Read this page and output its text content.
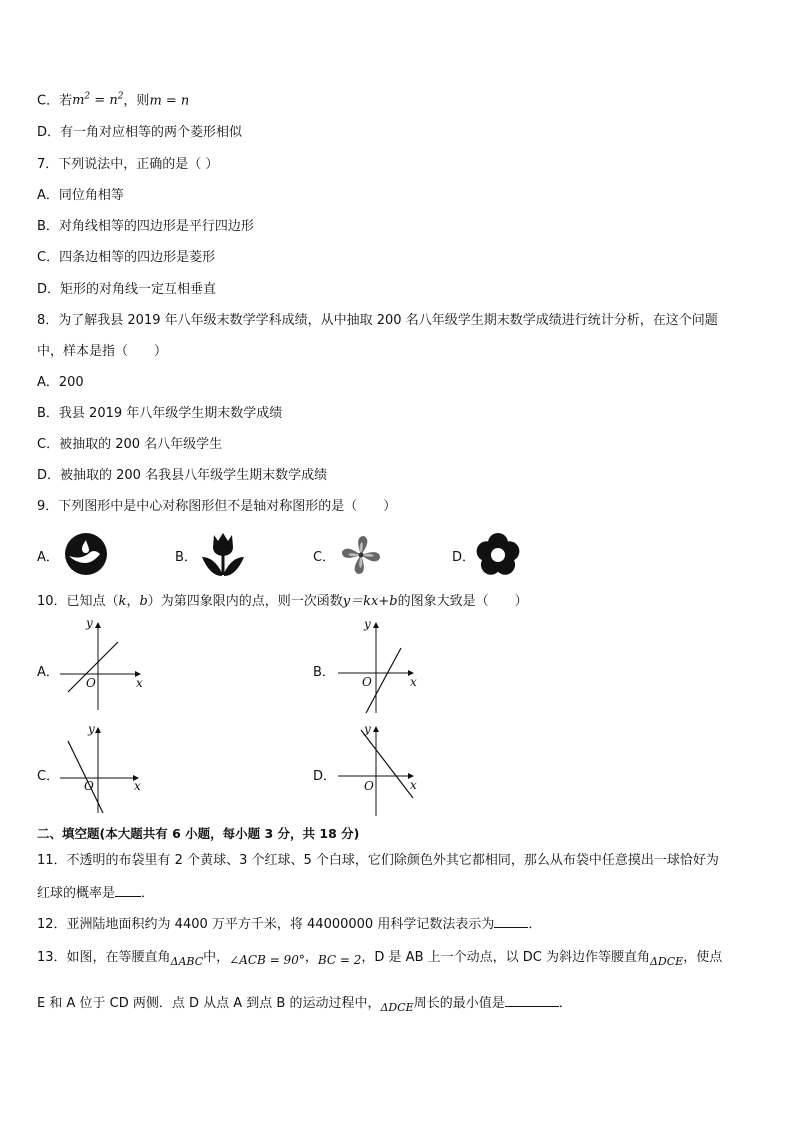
C．若$m^2 = n^2$，则m = n
D．有一角对应相等的两个菱形相似
7．下列说法中，正确的是（ ）
A．同位角相等
B．对角线相等的四边形是平行四边形
C．四条边相等的四边形是菱形
D．矩形的对角线一定互相垂直
8．为了解我县 2019 年八年级末数学学科成绩，从中抽取 200 名八年级学生期末数学成绩进行统计分析，在这个问题
中，样本是指（　　）
A．200
B．我县 2019 年八年级学生期末数学成绩
C．被抽取的 200 名八年级学生
D．被抽取的 200 名我县八年级学生期末数学成绩
9．下列图形中是中心对称图形但不是轴对称图形的是（　　）
A．	B．	C．	D．
10．已知点（k，b）为第四象限内的点，则一次函数y＝kx+b的图象大致是（　　）
A．
y
x
O
B．
y
x
O
C．
y
x
O
D．
y
x
O
二、填空题(本大题共有 6 小题，每小题 3 分，共 18 分)
11．不透明的布袋里有 2 个黄球、3 个红球、5 个白球，它们除颜色外其它都相同，那么从布袋中任意摸出一球恰好为
红球的概率是 ．
12．亚洲陆地面积约为 4400 万平方千米，将 44000000 用科学记数法表示为	．
13．如图，在等腰直角$_{\Delta ABC}$中，∠ACB = 90°，BC = 2，D 是 AB 上一个动点，以 DC 为斜边作等腰直角$_{\Delta DCE}$，使点
E 和 A 位于 CD 两侧．点 D 从点 A 到点 B 的运动过程中，$_{\Delta DCE}$周长的最小值是	．
